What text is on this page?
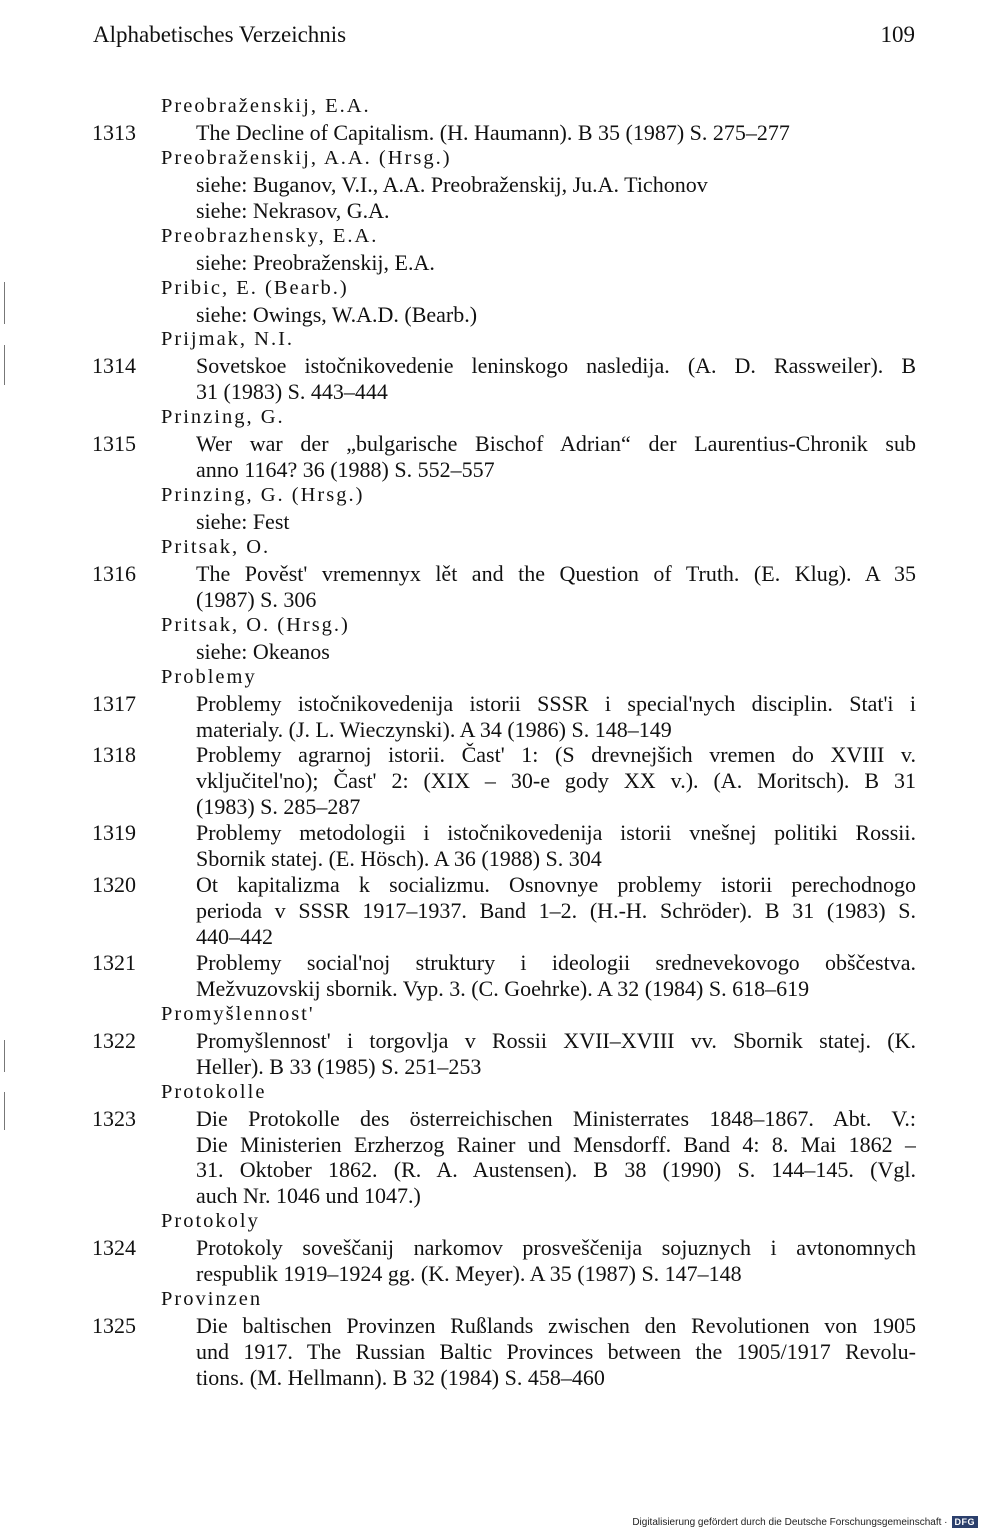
Alphabetisches Verzeichnis	109
Preobraženskij, E.A.
1313	The Decline of Capitalism. (H. Haumann). B 35 (1987) S. 275–277
Preobraženskij, A.A. (Hrsg.)
siehe: Buganov, V.I., A.A. Preobraženskij, Ju.A. Tichonov
siehe: Nekrasov, G.A.
Preobrazhensky, E.A.
siehe: Preobraženskij, E.A.
Pribic, E. (Bearb.)
siehe: Owings, W.A.D. (Bearb.)
Prijmak, N.I.
1314	Sovetskoe istočnikovedenie leninskogo nasledija. (A. D. Rassweiler). B
31 (1983) S. 443–444
Prinzing, G.
1315	Wer war der „bulgarische Bischof Adrian“ der Laurentius-Chronik sub
anno 1164? 36 (1988) S. 552–557
Prinzing, G. (Hrsg.)
siehe: Fest
Pritsak, O.
1316	The Pověst' vremennyx lět and the Question of Truth. (E. Klug). A 35
(1987) S. 306
Pritsak, O. (Hrsg.)
siehe: Okeanos
Problemy
1317	Problemy istočnikovedenija istorii SSSR i special'nych disciplin. Stat'i i
materialy. (J. L. Wieczynski). A 34 (1986) S. 148–149
1318	Problemy agrarnoj istorii. Čast' 1: (S drevnejšich vremen do XVIII v.
vključitel'no); Čast' 2: (XIX – 30-e gody XX v.). (A. Moritsch). B 31
(1983) S. 285–287
1319	Problemy metodologii i istočnikovedenija istorii vnešnej politiki Rossii.
Sbornik statej. (E. Hösch). A 36 (1988) S. 304
1320	Ot kapitalizma k socializmu. Osnovnye problemy istorii perechodnogo
perioda v SSSR 1917–1937. Band 1–2. (H.-H. Schröder). B 31 (1983) S.
440–442
1321	Problemy social'noj struktury i ideologii srednevekovogo obščestva.
Mežvuzovskij sbornik. Vyp. 3. (C. Goehrke). A 32 (1984) S. 618–619
Promyšlennost'
1322	Promyšlennost' i torgovlja v Rossii XVII–XVIII vv. Sbornik statej. (K.
Heller). B 33 (1985) S. 251–253
Protokolle
1323	Die Protokolle des österreichischen Ministerrates 1848–1867. Abt. V.:
Die Ministerien Erzherzog Rainer und Mensdorff. Band 4: 8. Mai 1862 –
31. Oktober 1862. (R. A. Austensen). B 38 (1990) S. 144–145. (Vgl.
auch Nr. 1046 und 1047.)
Protokoly
1324	Protokoly soveščanij narkomov prosveščenija sojuznych i avtonomnych
respublik 1919–1924 gg. (K. Meyer). A 35 (1987) S. 147–148
Provinzen
1325	Die baltischen Provinzen Rußlands zwischen den Revolutionen von 1905
und 1917. The Russian Baltic Provinces between the 1905/1917 Revolu-
tions. (M. Hellmann). B 32 (1984) S. 458–460
Digitalisierung gefördert durch die Deutsche Forschungsgemeinschaft · DFG
